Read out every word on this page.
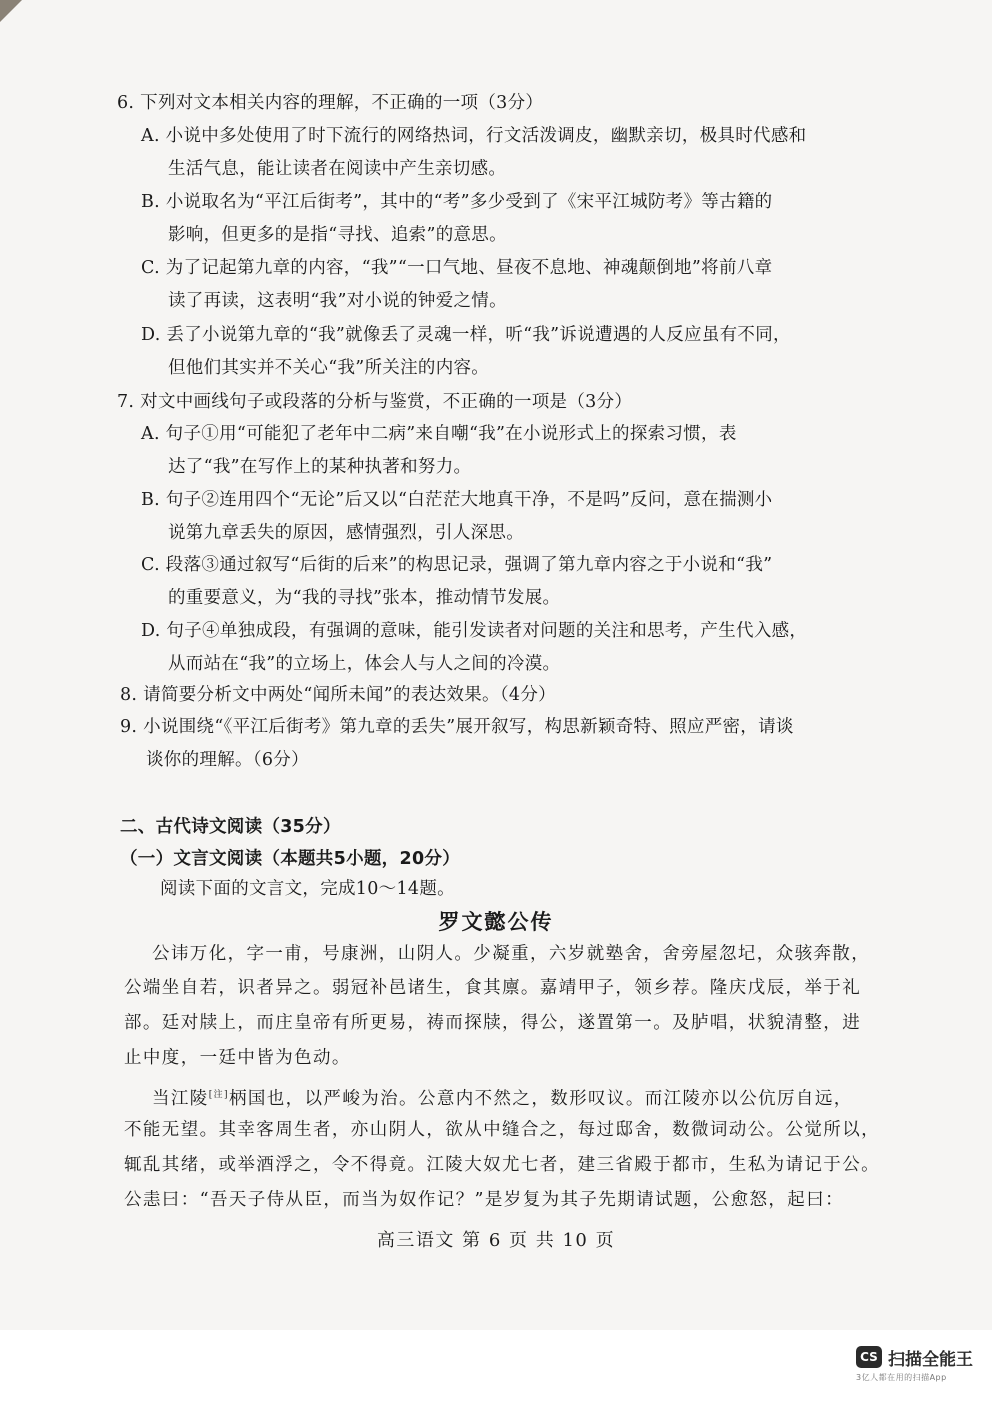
6. 下列对文本相关内容的理解，不正确的一项（3分）
A. 小说中多处使用了时下流行的网络热词，行文活泼调皮，幽默亲切，极具时代感和
生活气息，能让读者在阅读中产生亲切感。
B. 小说取名为“平江后街考”，其中的“考”多少受到了《宋平江城防考》等古籍的
影响，但更多的是指“寻找、追索”的意思。
C. 为了记起第九章的内容，“我”“一口气地、昼夜不息地、神魂颠倒地”将前八章
读了再读，这表明“我”对小说的钟爱之情。
D. 丢了小说第九章的“我”就像丢了灵魂一样，听“我”诉说遭遇的人反应虽有不同，
但他们其实并不关心“我”所关注的内容。
7. 对文中画线句子或段落的分析与鉴赏，不正确的一项是（3分）
A. 句子①用“可能犯了老年中二病”来自嘲“我”在小说形式上的探索习惯，表
达了“我”在写作上的某种执著和努力。
B. 句子②连用四个“无论”后又以“白茫茫大地真干净，不是吗”反问，意在揣测小
说第九章丢失的原因，感情强烈，引人深思。
C. 段落③通过叙写“后街的后来”的构思记录，强调了第九章内容之于小说和“我”
的重要意义，为“我的寻找”张本，推动情节发展。
D. 句子④单独成段，有强调的意味，能引发读者对问题的关注和思考，产生代入感，
从而站在“我”的立场上，体会人与人之间的冷漠。
8. 请简要分析文中两处“闻所未闻”的表达效果。（4分）
9. 小说围绕“《平江后街考》第九章的丢失”展开叙写，构思新颖奇特、照应严密，请谈
谈你的理解。（6分）
二、古代诗文阅读（35分）
（一）文言文阅读（本题共5小题，20分）
阅读下面的文言文，完成10～14题。
罗文懿公传
公讳万化，字一甫，号康洲，山阴人。少凝重，六岁就塾舍，舍旁屋忽圮，众骇奔散，
公端坐自若，识者异之。弱冠补邑诸生，食其廪。嘉靖甲子，领乡荐。隆庆戊辰，举于礼
部。廷对牍上，而庄皇帝有所更易，祷而探牍，得公，遂置第一。及胪唱，状貌清整，进
止中度，一廷中皆为色动。
当江陵[注]柄国也，以严峻为治。公意内不然之，数形叹议。而江陵亦以公伉厉自远，
不能无望。其幸客周生者，亦山阴人，欲从中缝合之，每过邸舍，数微词动公。公觉所以，
辄乱其绪，或举酒浮之，令不得竟。江陵大奴尤七者，建三省殿于都市，生私为请记于公。
公恚曰：“吾天子侍从臣，而当为奴作记？”是岁复为其子先期请试题，公愈怒，起曰：
高三语文 第 6 页 共 10 页
CS 扫描全能王
3亿人都在用的扫描App
